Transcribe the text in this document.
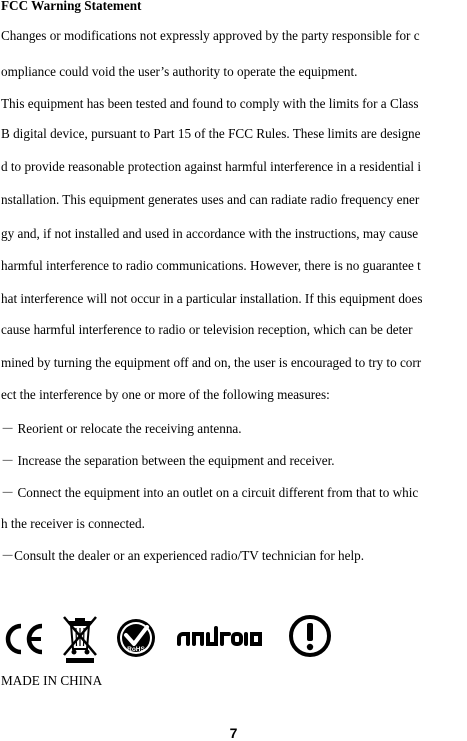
FCC Warning Statement
Changes or modifications not expressly approved by the party responsible for c
ompliance could void the user’s authority to operate the equipment.
This equipment has been tested and found to comply with the limits for a Class
B digital device, pursuant to Part 15 of the FCC Rules. These limits are designe
d to provide reasonable protection against harmful interference in a residential i
nstallation. This equipment generates uses and can radiate radio frequency ener
gy and, if not installed and used in accordance with the instructions, may cause
harmful interference to radio communications. However, there is no guarantee t
hat interference will not occur in a particular installation. If this equipment does
cause harmful interference to radio or television reception, which can be deter
mined by turning the equipment off and on, the user is encouraged to try to corr
ect the interference by one or more of the following measures:
－ Reorient or relocate the receiving antenna.
－ Increase the separation between the equipment and receiver.
－ Connect the equipment into an outlet on a circuit different from that to whic
h the receiver is connected.
－Consult the dealer or an experienced radio/TV technician for help.
RoHS
MADE IN CHINA
7
